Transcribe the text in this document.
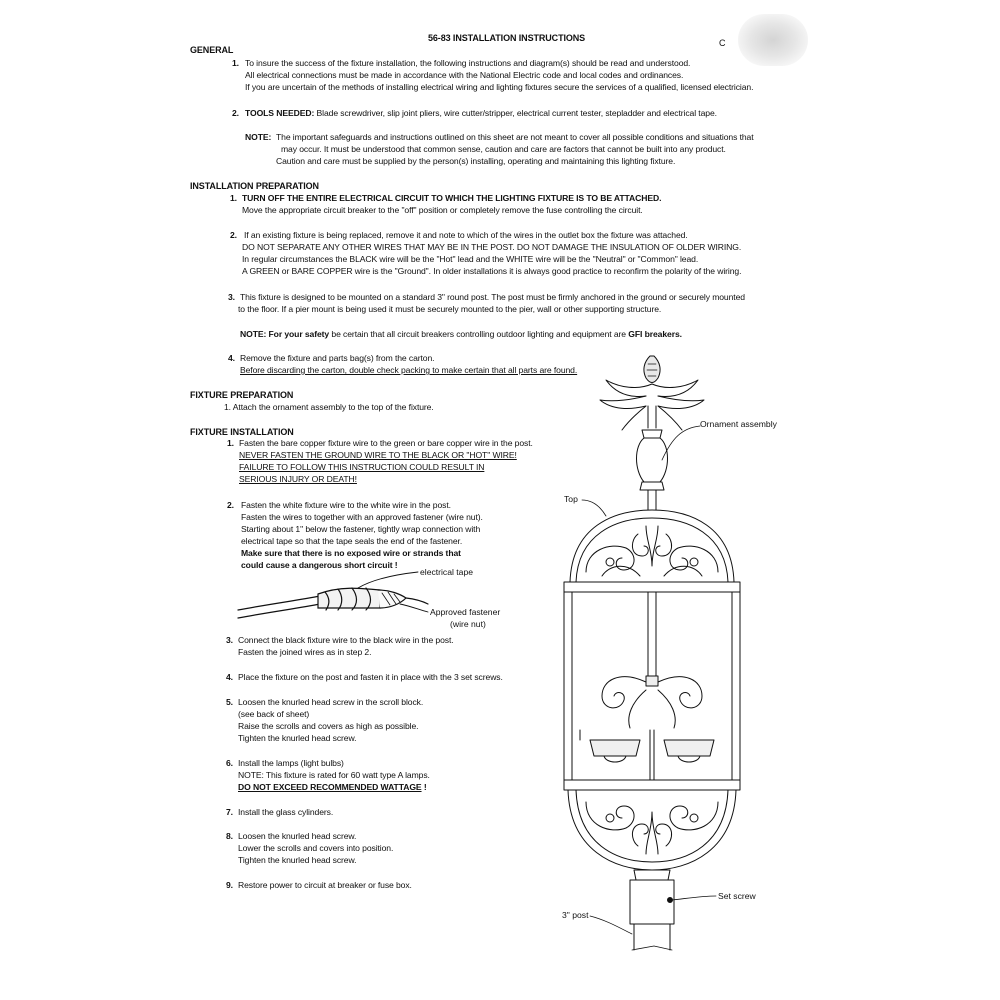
56-83 INSTALLATION INSTRUCTIONS	C
GENERAL
1. To insure the success of the fixture installation, the following instructions and diagram(s) should be read and understood.
All electrical connections must be made in accordance with the National Electric code and local codes and ordinances.
If you are uncertain of the methods of installing electrical wiring and lighting fixtures secure the services of a qualified, licensed electrician.
2. TOOLS NEEDED: Blade screwdriver, slip joint pliers, wire cutter/stripper, electrical current tester, stepladder and electrical tape.
NOTE: The important safeguards and instructions outlined on this sheet are not meant to cover all possible conditions and situations that
may occur. It must be understood that common sense, caution and care are factors that cannot be built into any product.
Caution and care must be supplied by the person(s) installing, operating and maintaining this lighting fixture.
INSTALLATION PREPARATION
1. TURN OFF THE ENTIRE ELECTRICAL CIRCUIT TO WHICH THE LIGHTING FIXTURE IS TO BE ATTACHED.
Move the appropriate circuit breaker to the "off" position or completely remove the fuse controlling the circuit.
2. If an existing fixture is being replaced, remove it and note to which of the wires in the outlet box the fixture was attached.
DO NOT SEPARATE ANY OTHER WIRES THAT MAY BE IN THE POST. DO NOT DAMAGE THE INSULATION OF OLDER WIRING.
In regular circumstances the BLACK wire will be the "Hot" lead and the WHITE wire will be the "Neutral" or "Common" lead.
A GREEN or BARE COPPER wire is the "Ground". In older installations it is always good practice to reconfirm the polarity of the wiring.
3. This fixture is designed to be mounted on a standard 3" round post. The post must be firmly anchored in the ground or securely mounted
to the floor. If a pier mount is being used it must be securely mounted to the pier, wall or other supporting structure.
NOTE: For your safety be certain that all circuit breakers controlling outdoor lighting and equipment are GFI breakers.
4. Remove the fixture and parts bag(s) from the carton.
Before discarding the carton, double check packing to make certain that all parts are found.
FIXTURE PREPARATION
1. Attach the ornament assembly to the top of the fixture.
FIXTURE INSTALLATION
1. Fasten the bare copper fixture wire to the green or bare copper wire in the post.
NEVER FASTEN THE GROUND WIRE TO THE BLACK OR "HOT" WIRE!
FAILURE TO FOLLOW THIS INSTRUCTION COULD RESULT IN
SERIOUS INJURY OR DEATH!
2. Fasten the white fixture wire to the white wire in the post.
Fasten the wires to together with an approved fastener (wire nut).
Starting about 1" below the fastener, tightly wrap connection with
electrical tape so that the tape seals the end of the fastener.
Make sure that there is no exposed wire or strands that
could cause a dangerous short circuit !
electrical tape
Approved fastener
(wire nut)
3. Connect the black fixture wire to the black wire in the post.
Fasten the joined wires as in step 2.
4. Place the fixture on the post and fasten it in place with the 3 set screws.
5. Loosen the knurled head screw in the scroll block.
(see back of sheet)
Raise the scrolls and covers as high as possible.
Tighten the knurled head screw.
6. Install the lamps (light bulbs)
NOTE: This fixture is rated for 60 watt type A lamps.
DO NOT EXCEED RECOMMENDED WATTAGE !
7. Install the glass cylinders.
8. Loosen the knurled head screw.
Lower the scrolls and covers into position.
Tighten the knurled head screw.
9. Restore power to circuit at breaker or fuse box.
Ornament assembly
Top
Set screw
3" post
